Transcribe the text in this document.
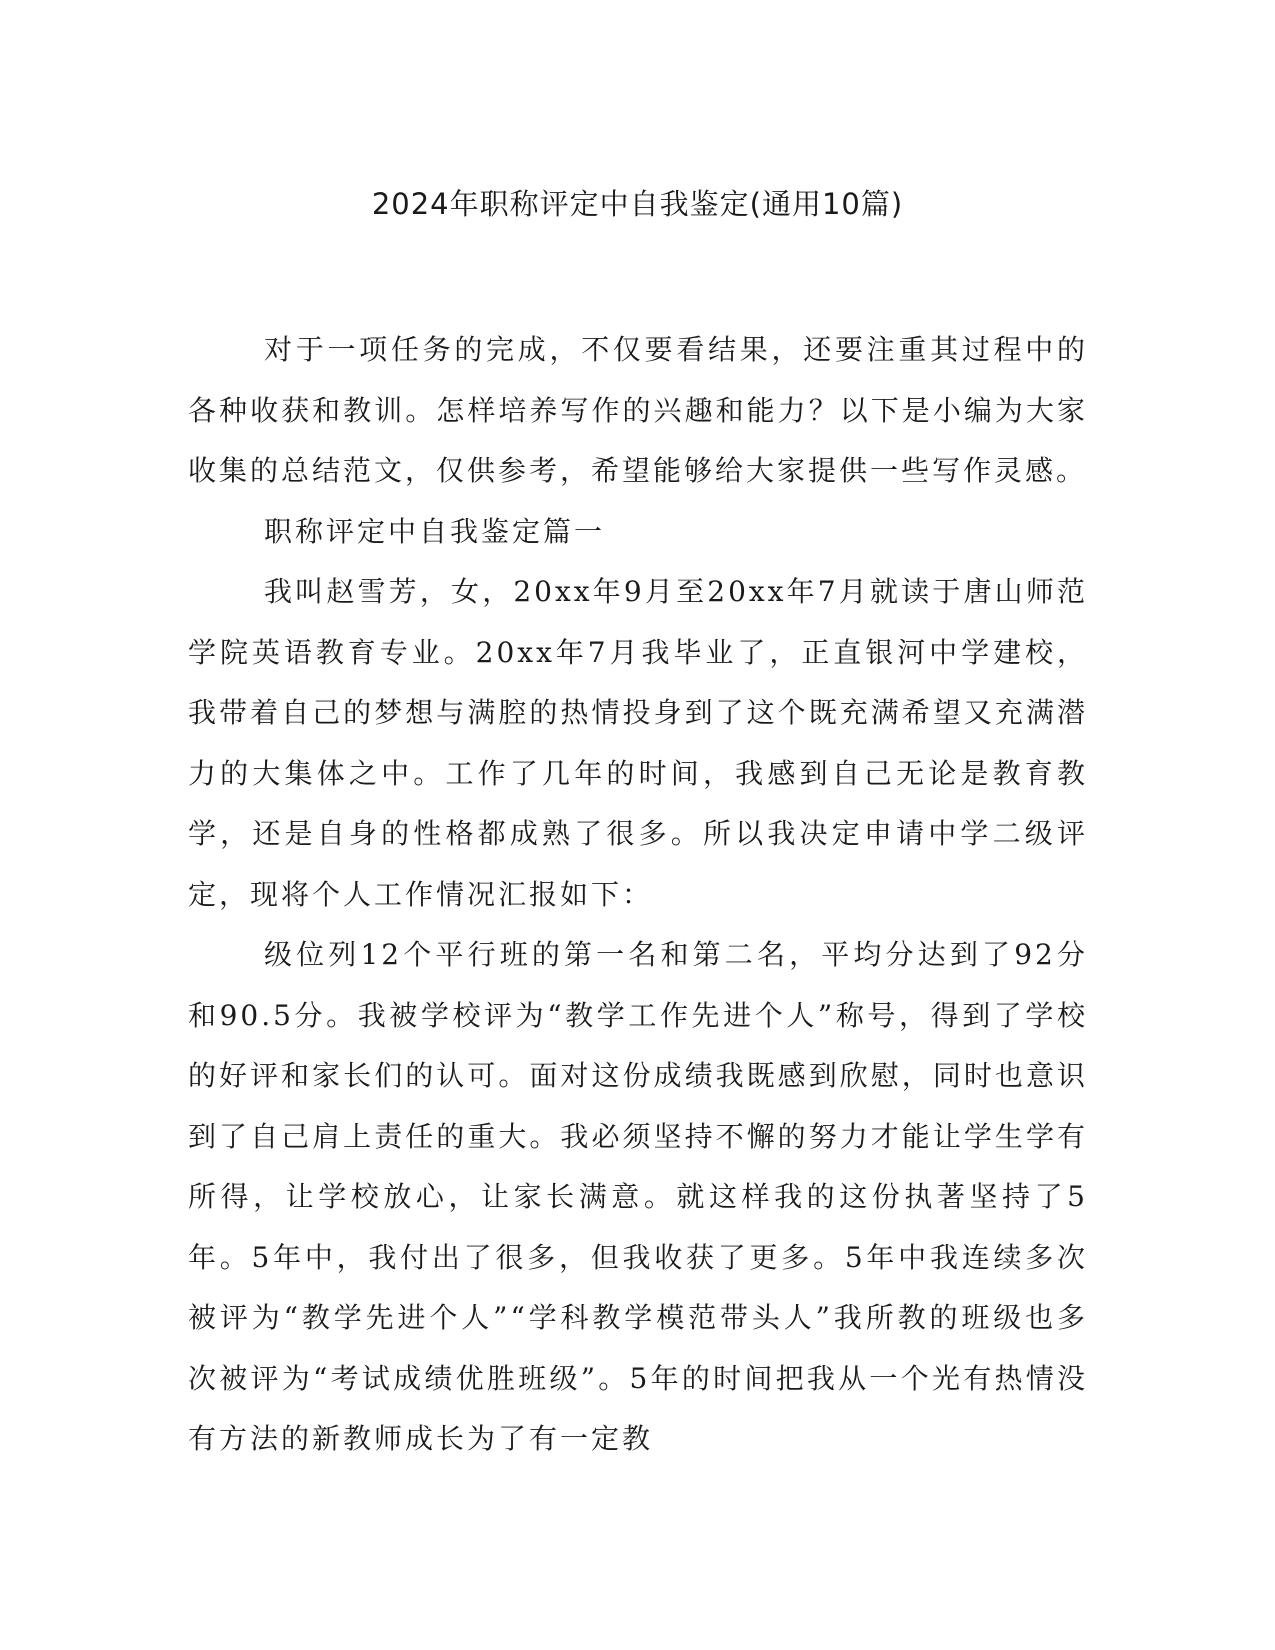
2024年职称评定中自我鉴定(通用10篇)

对于一项任务的完成，不仅要看结果，还要注重其过程中的各种收获和教训。怎样培养写作的兴趣和能力？以下是小编为大家收集的总结范文，仅供参考，希望能够给大家提供一些写作灵感。

职称评定中自我鉴定篇一

我叫赵雪芳，女，20xx年9月至20xx年7月就读于唐山师范学院英语教育专业。20xx年7月我毕业了，正直银河中学建校，我带着自己的梦想与满腔的热情投身到了这个既充满希望又充满潜力的大集体之中。工作了几年的时间，我感到自己无论是教育教学，还是自身的性格都成熟了很多。所以我决定申请中学二级评定，现将个人工作情况汇报如下：

级位列12个平行班的第一名和第二名，平均分达到了92分和90.5分。我被学校评为“教学工作先进个人”称号，得到了学校的好评和家长们的认可。面对这份成绩我既感到欣慰，同时也意识到了自己肩上责任的重大。我必须坚持不懈的努力才能让学生学有所得，让学校放心，让家长满意。就这样我的这份执著坚持了5年。5年中，我付出了很多，但我收获了更多。5年中我连续多次被评为“教学先进个人”“学科教学模范带头人”我所教的班级也多次被评为“考试成绩优胜班级”。5年的时间把我从一个光有热情没有方法的新教师成长为了有一定教
